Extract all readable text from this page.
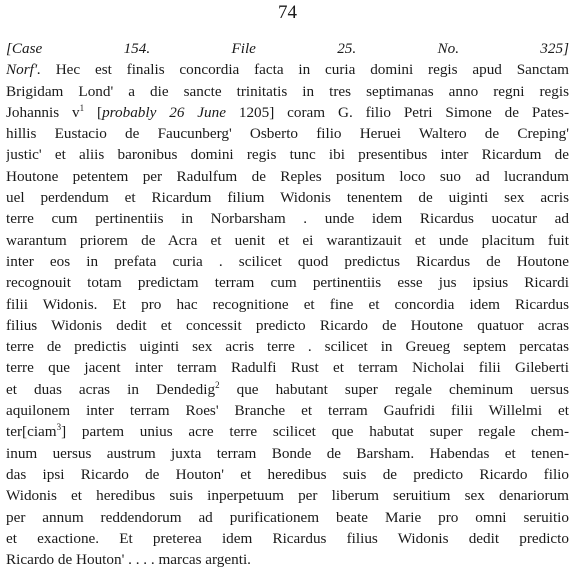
74
[Case 154. File 25. No. 325]
Norf'. Hec est finalis concordia facta in curia domini regis apud Sanctam
Brigidam Lond' a die sancte trinitatis in tres septimanas anno regni regis
Johannis $v^1$ [probably 26 June 1205] coram G. filio Petri Simone de Pates-
hillis Eustacio de Faucunberg' Osberto filio Heruei Waltero de Creping'
justic' et aliis baronibus domini regis tunc ibi presentibus inter Ricardum de
Houtone petentem per Radulfum de Reples positum loco suo ad lucrandum
uel perdendum et Ricardum filium Widonis tenentem de uiginti sex acris
terre cum pertinentiis in Norbarsham . unde idem Ricardus uocatur ad
warantum priorem de Acra et uenit et ei warantizauit et unde placitum fuit
inter eos in prefata curia . scilicet quod predictus Ricardus de Houtone
recognouit totam predictam terram cum pertinentiis esse jus ipsius Ricardi
filii Widonis. Et pro hac recognitione et fine et concordia idem Ricardus
filius Widonis dedit et concessit predicto Ricardo de Houtone quatuor acras
terre de predictis uiginti sex acris terre . scilicet in Greueg septem percatas
terre que jacent inter terram Radulfi Rust et terram Nicholai filii Gileberti
et duas acras in Dendedig$^2$ que habutant super regale cheminum uersus
aquilonem inter terram Roes' Branche et terram Gaufridi filii Willelmi et
ter[ciam$^3$] partem unius acre terre scilicet que habutat super regale chem-
inum uersus austrum juxta terram Bonde de Barsham. Habendas et tenen-
das ipsi Ricardo de Houton' et heredibus suis de predicto Ricardo filio
Widonis et heredibus suis inperpetuum per liberum seruitium sex denariorum
per annum reddendorum ad purificationem beate Marie pro omni seruitio
et exactione. Et preterea idem Ricardus filius Widonis dedit predicto
Ricardo de Houton' . . . . marcas argenti.
